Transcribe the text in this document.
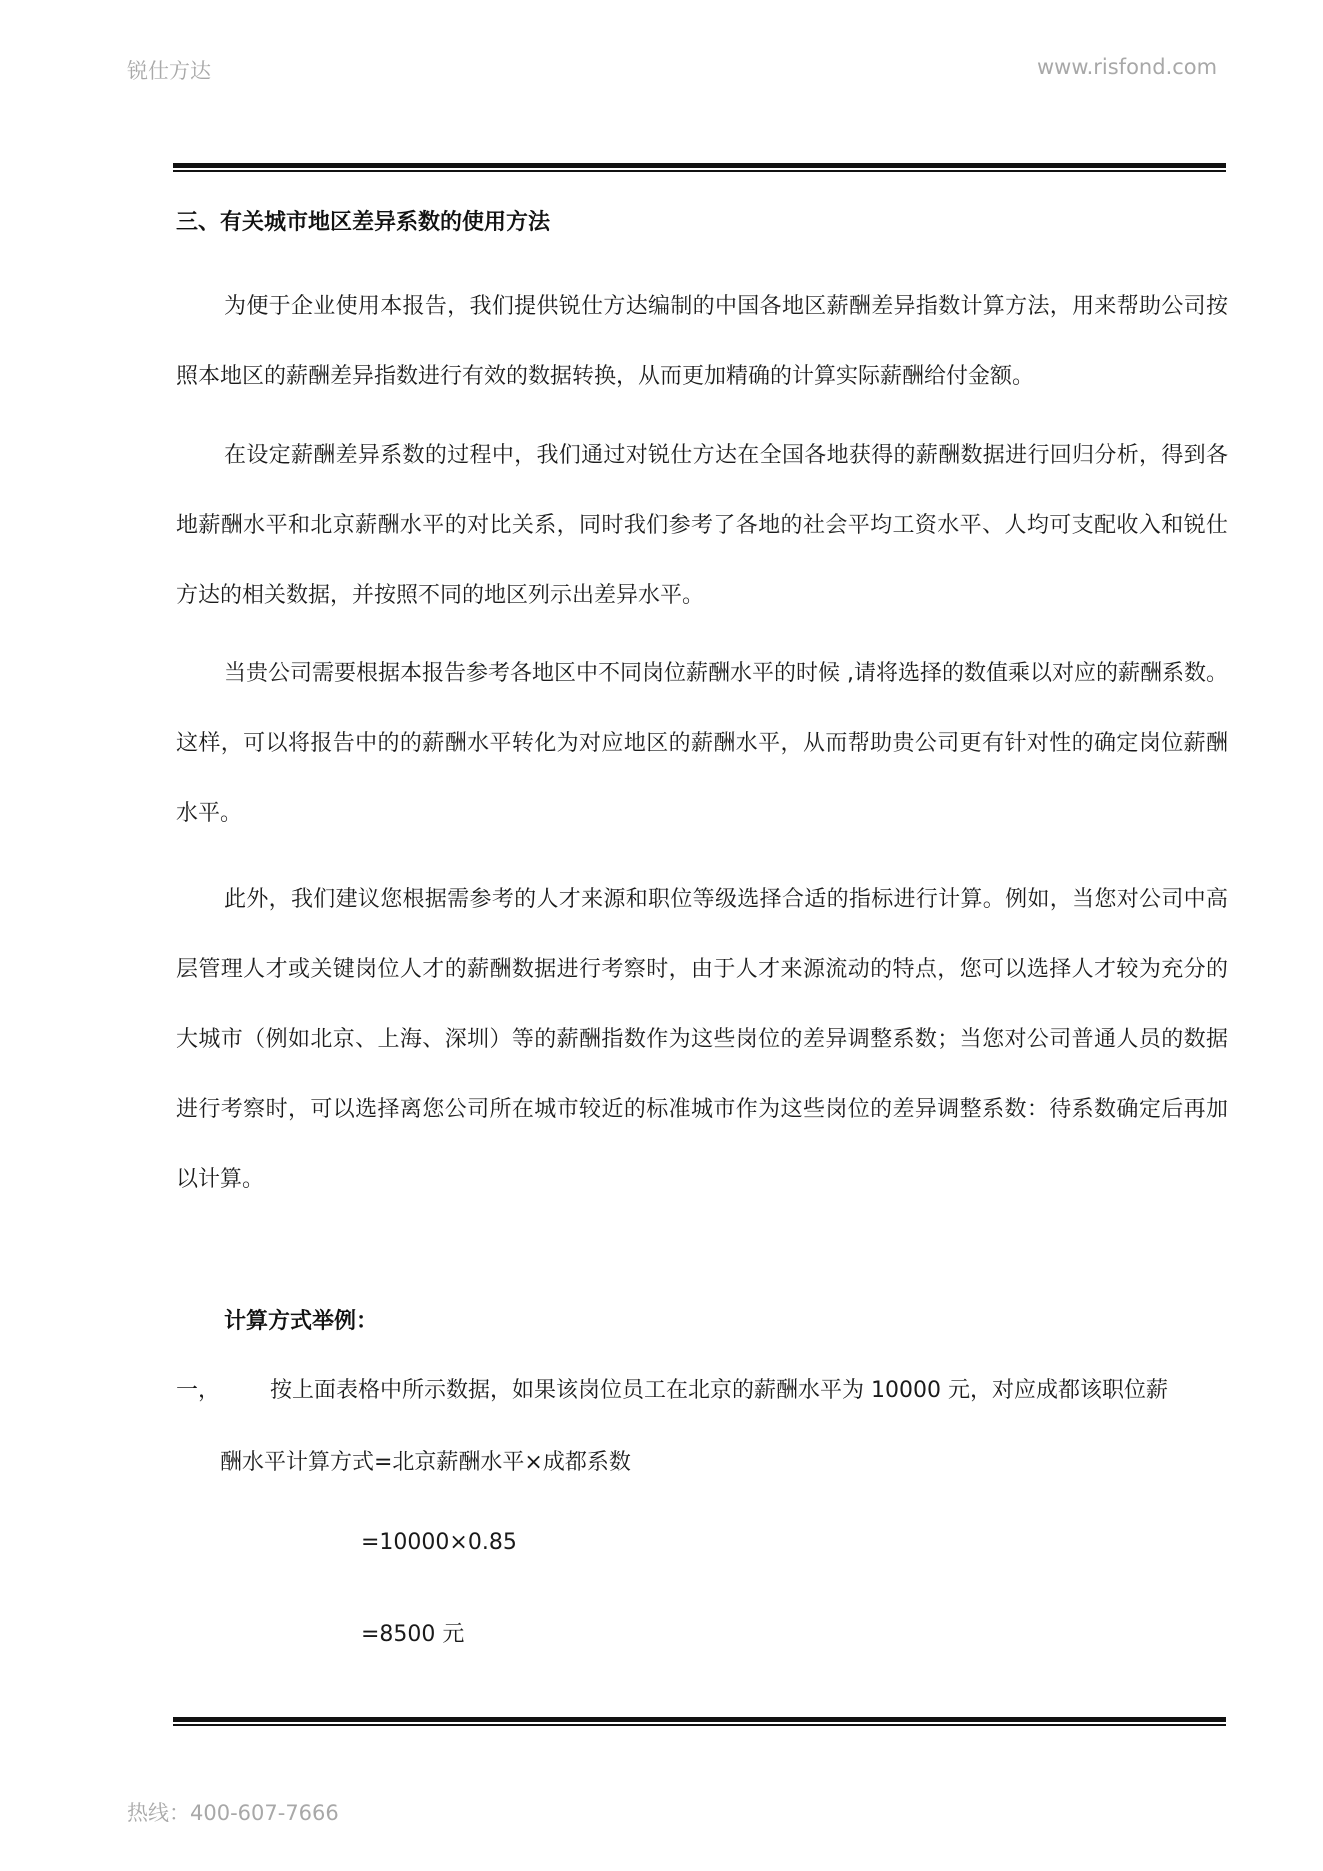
锐仕方达	www.risfond.com
三、有关城市地区差异系数的使用方法

为便于企业使用本报告，我们提供锐仕方达编制的中国各地区薪酬差异指数计算方法，用来帮助公司按照本地区的薪酬差异指数进行有效的数据转换，从而更加精确的计算实际薪酬给付金额。

在设定薪酬差异系数的过程中，我们通过对锐仕方达在全国各地获得的薪酬数据进行回归分析，得到各地薪酬水平和北京薪酬水平的对比关系，同时我们参考了各地的社会平均工资水平、人均可支配收入和锐仕方达的相关数据，并按照不同的地区列示出差异水平。

当贵公司需要根据本报告参考各地区中不同岗位薪酬水平的时候 ,请将选择的数值乘以对应的薪酬系数。这样，可以将报告中的的薪酬水平转化为对应地区的薪酬水平，从而帮助贵公司更有针对性的确定岗位薪酬水平。

此外，我们建议您根据需参考的人才来源和职位等级选择合适的指标进行计算。例如，当您对公司中高层管理人才或关键岗位人才的薪酬数据进行考察时，由于人才来源流动的特点，您可以选择人才较为充分的大城市（例如北京、上海、深圳）等的薪酬指数作为这些岗位的差异调整系数；当您对公司普通人员的数据进行考察时，可以选择离您公司所在城市较近的标准城市作为这些岗位的差异调整系数：待系数确定后再加以计算。

计算方式举例：
一， 按上面表格中所示数据，如果该岗位员工在北京的薪酬水平为 10000 元，对应成都该职位薪
酬水平计算方式=北京薪酬水平×成都系数
=10000×0.85
=8500 元
热线：400-607-7666
